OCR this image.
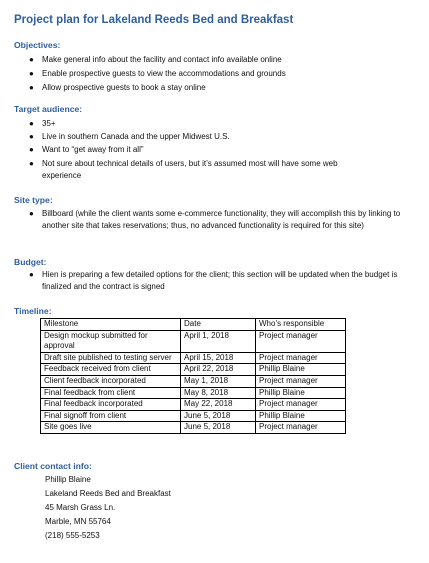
Project plan for Lakeland Reeds Bed and Breakfast
Objectives:
● Make general info about the facility and contact info available online
● Enable prospective guests to view the accommodations and grounds
● Allow prospective guests to book a stay online
Target audience:
● 35+
● Live in southern Canada and the upper Midwest U.S.
● Want to “get away from it all”
● Not sure about technical details of users, but it’s assumed most will have some web experience
Site type:
● Billboard (while the client wants some e-commerce functionality, they will accomplish this by linking to another site that takes reservations; thus, no advanced functionality is required for this site)
Budget:
● Hien is preparing a few detailed options for the client; this section will be updated when the budget is finalized and the contract is signed
Timeline:
Milestone	Date	Who’s responsible
Design mockup submitted for approval	April 1, 2018	Project manager
Draft site published to testing server	April 15, 2018	Project manager
Feedback received from client	April 22, 2018	Phillip Blaine
Client feedback incorporated	May 1, 2018	Project manager
Final feedback from client	May 8, 2018	Phillip Blaine
Final feedback incorporated	May 22, 2018	Project manager
Final signoff from client	June 5, 2018	Phillip Blaine
Site goes live	June 5, 2018	Project manager
Client contact info:
Phillip Blaine
Lakeland Reeds Bed and Breakfast
45 Marsh Grass Ln.
Marble, MN 55764
(218) 555-5253
